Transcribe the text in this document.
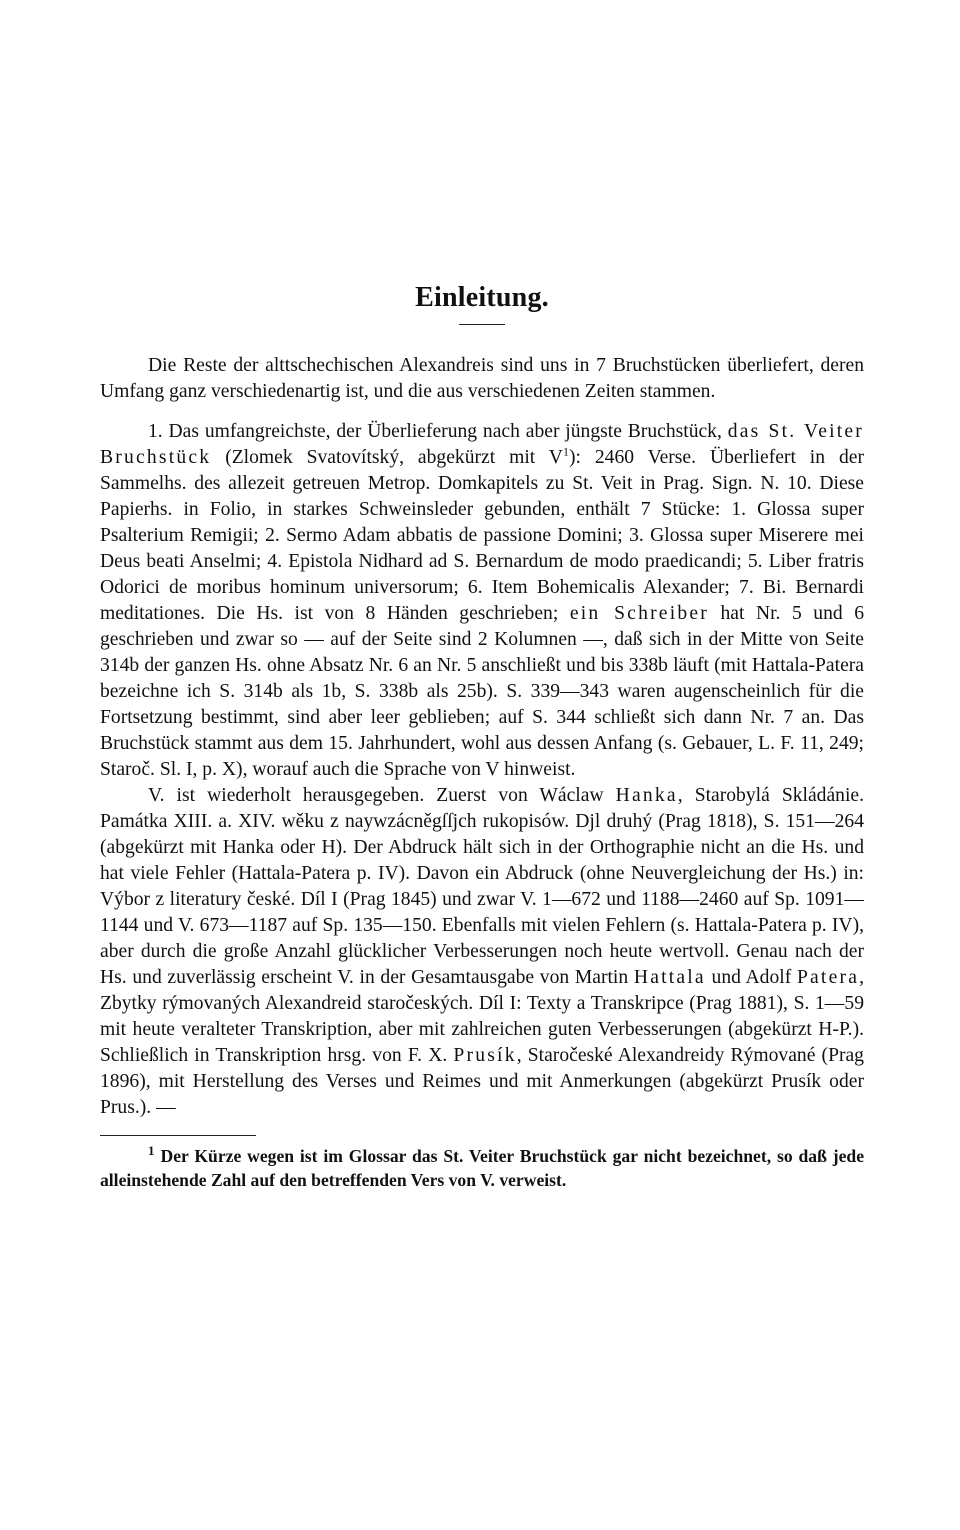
Einleitung.

Die Reste der alttschechischen Alexandreis sind uns in 7 Bruchstücken überliefert, deren Umfang ganz verschiedenartig ist, und die aus verschiedenen Zeiten stammen.

1. Das umfangreichste, der Überlieferung nach aber jüngste Bruchstück, das St. Veiter Bruchstück (Zlomek Svatovítský, abgekürzt mit $V^1$): 2460 Verse. Überliefert in der Sammelhs. des allezeit getreuen Metrop. Domkapitels zu St. Veit in Prag. Sign. N. 10. Diese Papierhs. in Folio, in starkes Schweinsleder gebunden, enthält 7 Stücke: 1. Glossa super Psalterium Remigii; 2. Sermo Adam abbatis de passione Domini; 3. Glossa super Miserere mei Deus beati Anselmi; 4. Epistola Nidhard ad S. Bernardum de modo praedicandi; 5. Liber fratris Odorici de moribus hominum universorum; 6. Item Bohemicalis Alexander; 7. Bi. Bernardi meditationes. Die Hs. ist von 8 Händen geschrieben; ein Schreiber hat Nr. 5 und 6 geschrieben und zwar so — auf der Seite sind 2 Kolumnen —, daß sich in der Mitte von Seite 314b der ganzen Hs. ohne Absatz Nr. 6 an Nr. 5 anschließt und bis 338b läuft (mit Hattala-Patera bezeichne ich S. 314b als 1b, S. 338b als 25b). S. 339—343 waren augenscheinlich für die Fortsetzung bestimmt, sind aber leer geblieben; auf S. 344 schließt sich dann Nr. 7 an. Das Bruchstück stammt aus dem 15. Jahrhundert, wohl aus dessen Anfang (s. Gebauer, L. F. 11, 249; Staroč. Sl. I, p. X), worauf auch die Sprache von V hinweist.

V. ist wiederholt herausgegeben. Zuerst von Wáclaw Hanka, Starobylá Skládánie. Památka XIII. a. XIV. wěku z naywzácněgſſjch rukopisów. Djl druhý (Prag 1818), S. 151—264 (abgekürzt mit Hanka oder H). Der Abdruck hält sich in der Orthographie nicht an die Hs. und hat viele Fehler (Hattala-Patera p. IV). Davon ein Abdruck (ohne Neuvergleichung der Hs.) in: Výbor z literatury české. Díl I (Prag 1845) und zwar V. 1—672 und 1188—2460 auf Sp. 1091—1144 und V. 673—1187 auf Sp. 135—150. Ebenfalls mit vielen Fehlern (s. Hattala-Patera p. IV), aber durch die große Anzahl glücklicher Verbesserungen noch heute wertvoll. Genau nach der Hs. und zuverlässig erscheint V. in der Gesamtausgabe von Martin Hattala und Adolf Patera, Zbytky rýmovaných Alexandreid staročeských. Díl I: Texty a Transkripce (Prag 1881), S. 1—59 mit heute veralteter Transkription, aber mit zahlreichen guten Verbesserungen (abgekürzt H-P.). Schließlich in Transkription hrsg. von F. X. Prusík, Staročeské Alexandreidy Rýmované (Prag 1896), mit Herstellung des Verses und Reimes und mit Anmerkungen (abgekürzt Prusík oder Prus.). —

$^1$ Der Kürze wegen ist im Glossar das St. Veiter Bruchstück gar nicht bezeichnet, so daß jede alleinstehende Zahl auf den betreffenden Vers von V. verweist.
